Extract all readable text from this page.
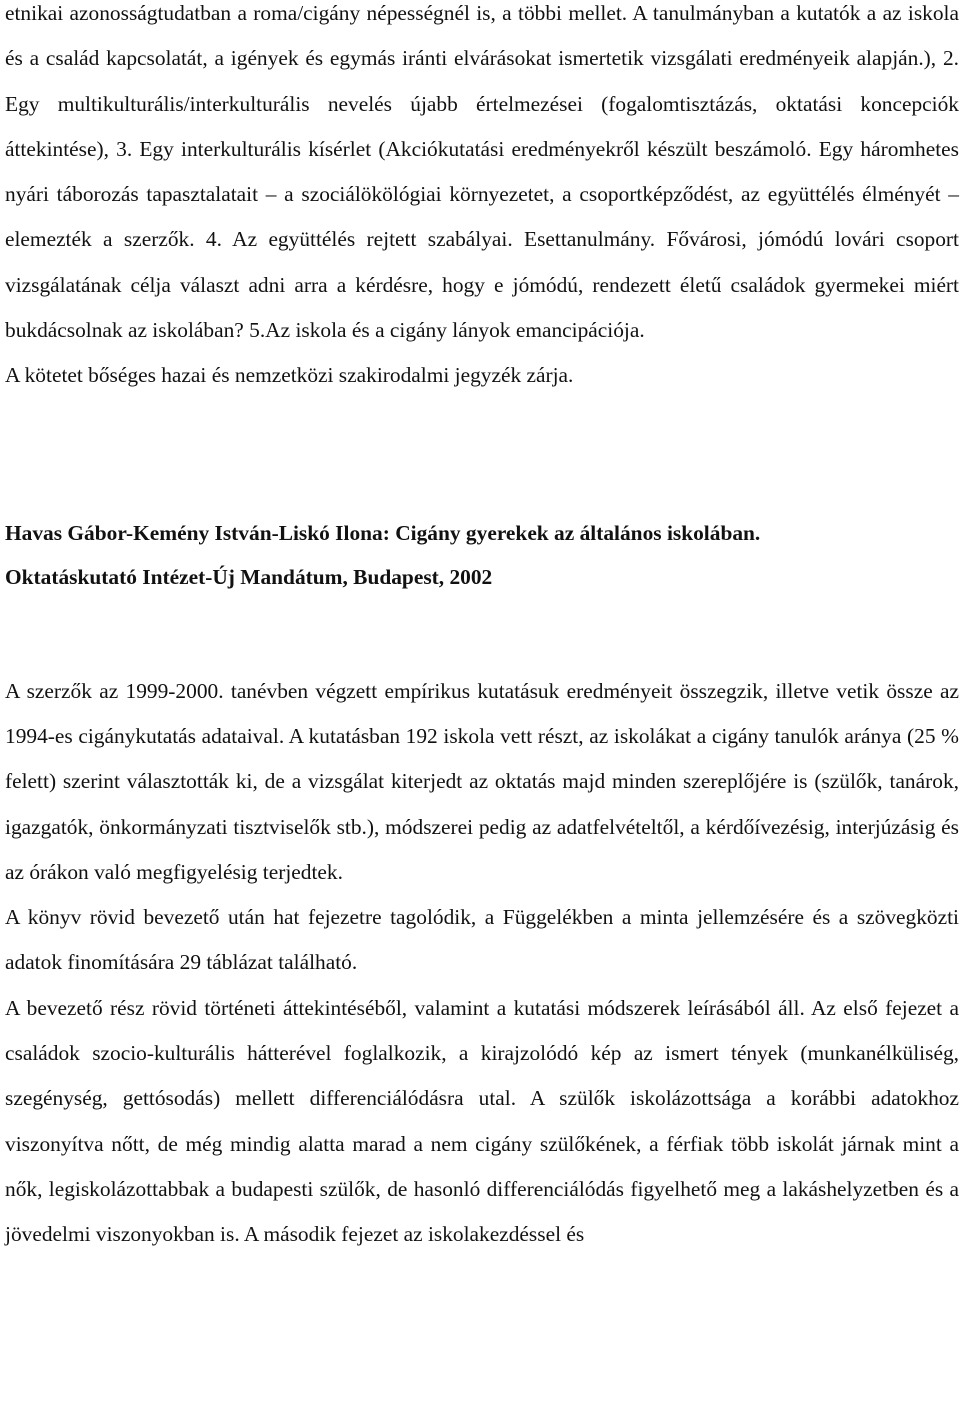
etnikai azonosságtudatban a roma/cigány népességnél is, a többi mellet. A tanulmányban a kutatók a az iskola és a család kapcsolatát, a igények és egymás iránti elvárásokat ismertetik vizsgálati eredményeik alapján.), 2. Egy multikulturális/interkulturális nevelés újabb értelmezései (fogalomtisztázás, oktatási koncepciók áttekintése), 3. Egy interkulturális kísérlet (Akciókutatási eredményekről készült beszámoló. Egy háromhetes nyári táborozás tapasztalatait – a szociálökölógiai környezetet, a csoportképződést, az együttélés élményét – elemezték a szerzők. 4. Az együttélés rejtett szabályai. Esettanulmány. Fővárosi, jómódú lovári csoport vizsgálatának célja választ adni arra a kérdésre, hogy e jómódú, rendezett életű családok gyermekei miért bukdácsolnak az iskolában? 5.Az iskola és a cigány lányok emancipációja.

A kötetet bőséges hazai és nemzetközi szakirodalmi jegyzék zárja.

Havas Gábor-Kemény István-Liskó Ilona: Cigány gyerekek az általános iskolában.

Oktatáskutató Intézet-Új Mandátum, Budapest, 2002

A szerzők az 1999-2000. tanévben végzett empírikus kutatásuk eredményeit összegzik, illetve vetik össze az 1994-es cigánykutatás adataival. A kutatásban 192 iskola vett részt, az iskolákat a cigány tanulók aránya (25 % felett) szerint választották ki, de a vizsgálat kiterjedt az oktatás majd minden szereplőjére is (szülők, tanárok, igazgatók, önkormányzati tisztviselők stb.), módszerei pedig az adatfelvételtől, a kérdőívezésig, interjúzásig és az órákon való megfigyelésig terjedtek.

A könyv rövid bevezető után hat fejezetre tagolódik, a Függelékben a minta jellemzésére és a szövegközti adatok finomítására 29 táblázat található.

A bevezető rész rövid történeti áttekintéséből, valamint a kutatási módszerek leírásából áll. Az első fejezet a családok szocio-kulturális hátterével foglalkozik, a kirajzolódó kép az ismert tények (munkanélküliség, szegénység, gettósodás) mellett differenciálódásra utal. A szülők iskolázottsága a korábbi adatokhoz viszonyítva nőtt, de még mindig alatta marad a nem cigány szülőkének, a férfiak több iskolát járnak mint a nők, legiskolázottabbak a budapesti szülők, de hasonló differenciálódás figyelhető meg a lakáshelyzetben és a jövedelmi viszonyokban is. A második fejezet az iskolakezdéssel és
